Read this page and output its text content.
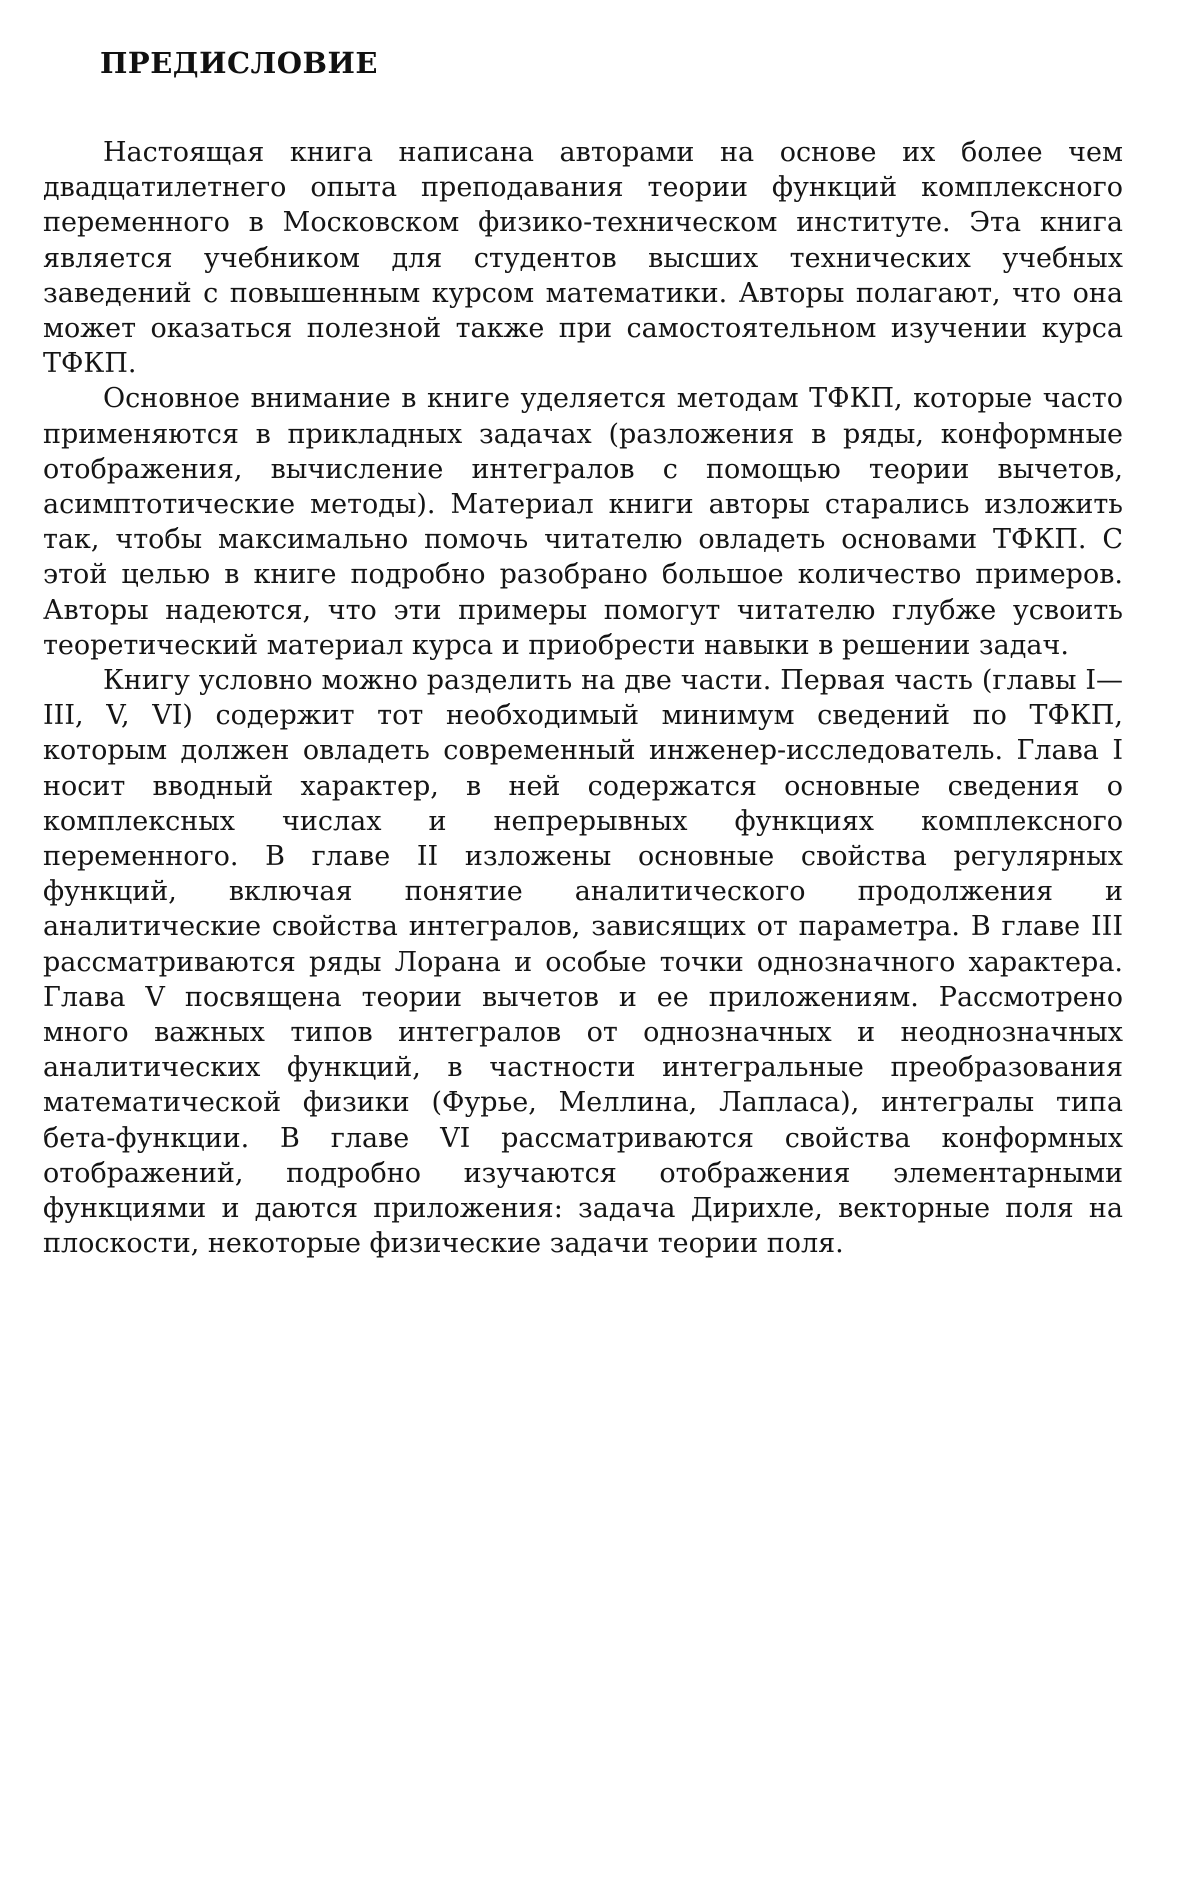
ПРЕДИСЛОВИЕ

Настоящая книга написана авторами на основе их более чем двадцатилетнего опыта преподавания теории функций комплексного переменного в Московском физико-техническом институте. Эта книга является учебником для студентов высших технических учебных заведений с повышенным курсом математики. Авторы полагают, что она может оказаться полезной также при самостоятельном изучении курса ТФКП.

Основное внимание в книге уделяется методам ТФКП, которые часто применяются в прикладных задачах (разложения в ряды, конформные отображения, вычисление интегралов с помощью теории вычетов, асимптотические методы). Материал книги авторы старались изложить так, чтобы максимально помочь читателю овладеть основами ТФКП. С этой целью в книге подробно разобрано большое количество примеров. Авторы надеются, что эти примеры помогут читателю глубже усвоить теоретический материал курса и приобрести навыки в решении задач.

Книгу условно можно разделить на две части. Первая часть (главы I—III, V, VI) содержит тот необходимый минимум сведений по ТФКП, которым должен овладеть современный инженер-исследователь. Глава I носит вводный характер, в ней содержатся основные сведения о комплексных числах и непрерывных функциях комплексного переменного. В главе II изложены основные свойства регулярных функций, включая понятие аналитического продолжения и аналитические свойства интегралов, зависящих от параметра. В главе III рассматриваются ряды Лорана и особые точки однозначного характера. Глава V посвящена теории вычетов и ее приложениям. Рассмотрено много важных типов интегралов от однозначных и неоднозначных аналитических функций, в частности интегральные преобразования математической физики (Фурье, Меллина, Лапласа), интегралы типа бета-функции. В главе VI рассматриваются свойства конформных отображений, подробно изучаются отображения элементарными функциями и даются приложения: задача Дирихле, векторные поля на плоскости, некоторые физические задачи теории поля.
